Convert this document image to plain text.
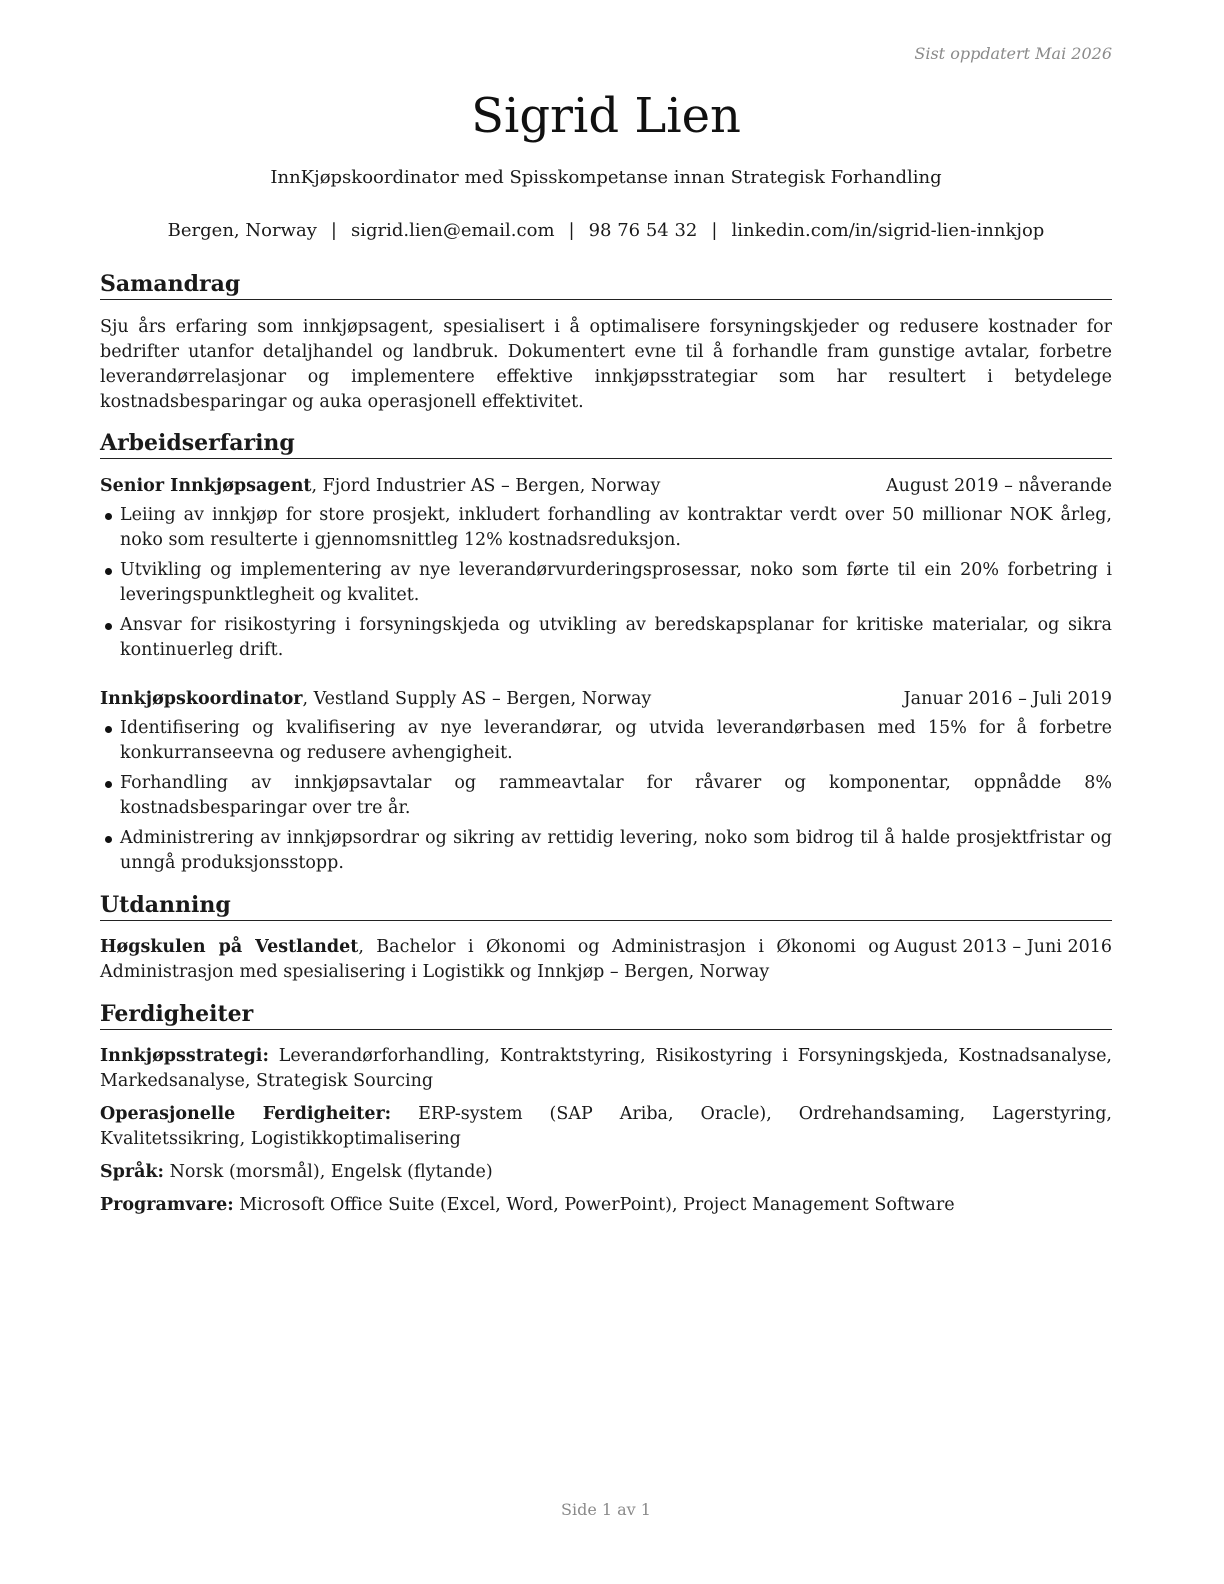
Sist oppdatert Mai 2026
Sigrid Lien
InnKjøpskoordinator med Spisskompetanse innan Strategisk Forhandling
Bergen, Norway | sigrid.lien@email.com | 98 76 54 32 | linkedin.com/in/sigrid-lien-innkjop
Samandrag
Sju års erfaring som innkjøpsagent, spesialisert i å optimalisere forsyningskjeder og redusere kostnader for bedrifter utanfor detaljhandel og landbruk. Dokumentert evne til å forhandle fram gunstige avtalar, forbetre leverandørrelasjonar og implementere effektive innkjøpsstrategiar som har resultert i betydelege kostnadsbesparingar og auka operasjonell effektivitet.
Arbeidserfaring
Senior Innkjøpsagent, Fjord Industrier AS – Bergen, Norway	August 2019 – nåverande
Leiing av innkjøp for store prosjekt, inkludert forhandling av kontraktar verdt over 50 millionar NOK årleg, noko som resulterte i gjennomsnittleg 12% kostnadsreduksjon.
Utvikling og implementering av nye leverandørvurderingsprosessar, noko som førte til ein 20% forbetring i leveringspunktlegheit og kvalitet.
Ansvar for risikostyring i forsyningskjeda og utvikling av beredskapsplanar for kritiske materialar, og sikra kontinuerleg drift.
Innkjøpskoordinator, Vestland Supply AS – Bergen, Norway	Januar 2016 – Juli 2019
Identifisering og kvalifisering av nye leverandørar, og utvida leverandørbasen med 15% for å forbetre konkurranseevna og redusere avhengigheit.
Forhandling av innkjøpsavtalar og rammeavtalar for råvarer og komponentar, oppnådde 8% kostnadsbesparingar over tre år.
Administrering av innkjøpsordrar og sikring av rettidig levering, noko som bidrog til å halde prosjektfristar og unngå produksjonsstopp.
Utdanning
Høgskulen på Vestlandet, Bachelor i Økonomi og Administrasjon i Økonomi og Administrasjon med spesialisering i Logistikk og Innkjøp – Bergen, Norway
August 2013 – Juni 2016
Ferdigheiter
Innkjøpsstrategi: Leverandørforhandling, Kontraktstyring, Risikostyring i Forsyningskjeda, Kostnadsanalyse, Markedsanalyse, Strategisk Sourcing
Operasjonelle Ferdigheiter: ERP-system (SAP Ariba, Oracle), Ordrehandsaming, Lagerstyring, Kvalitetssikring, Logistikkoptimalisering
Språk: Norsk (morsmål), Engelsk (flytande)
Programvare: Microsoft Office Suite (Excel, Word, PowerPoint), Project Management Software
Side 1 av 1
